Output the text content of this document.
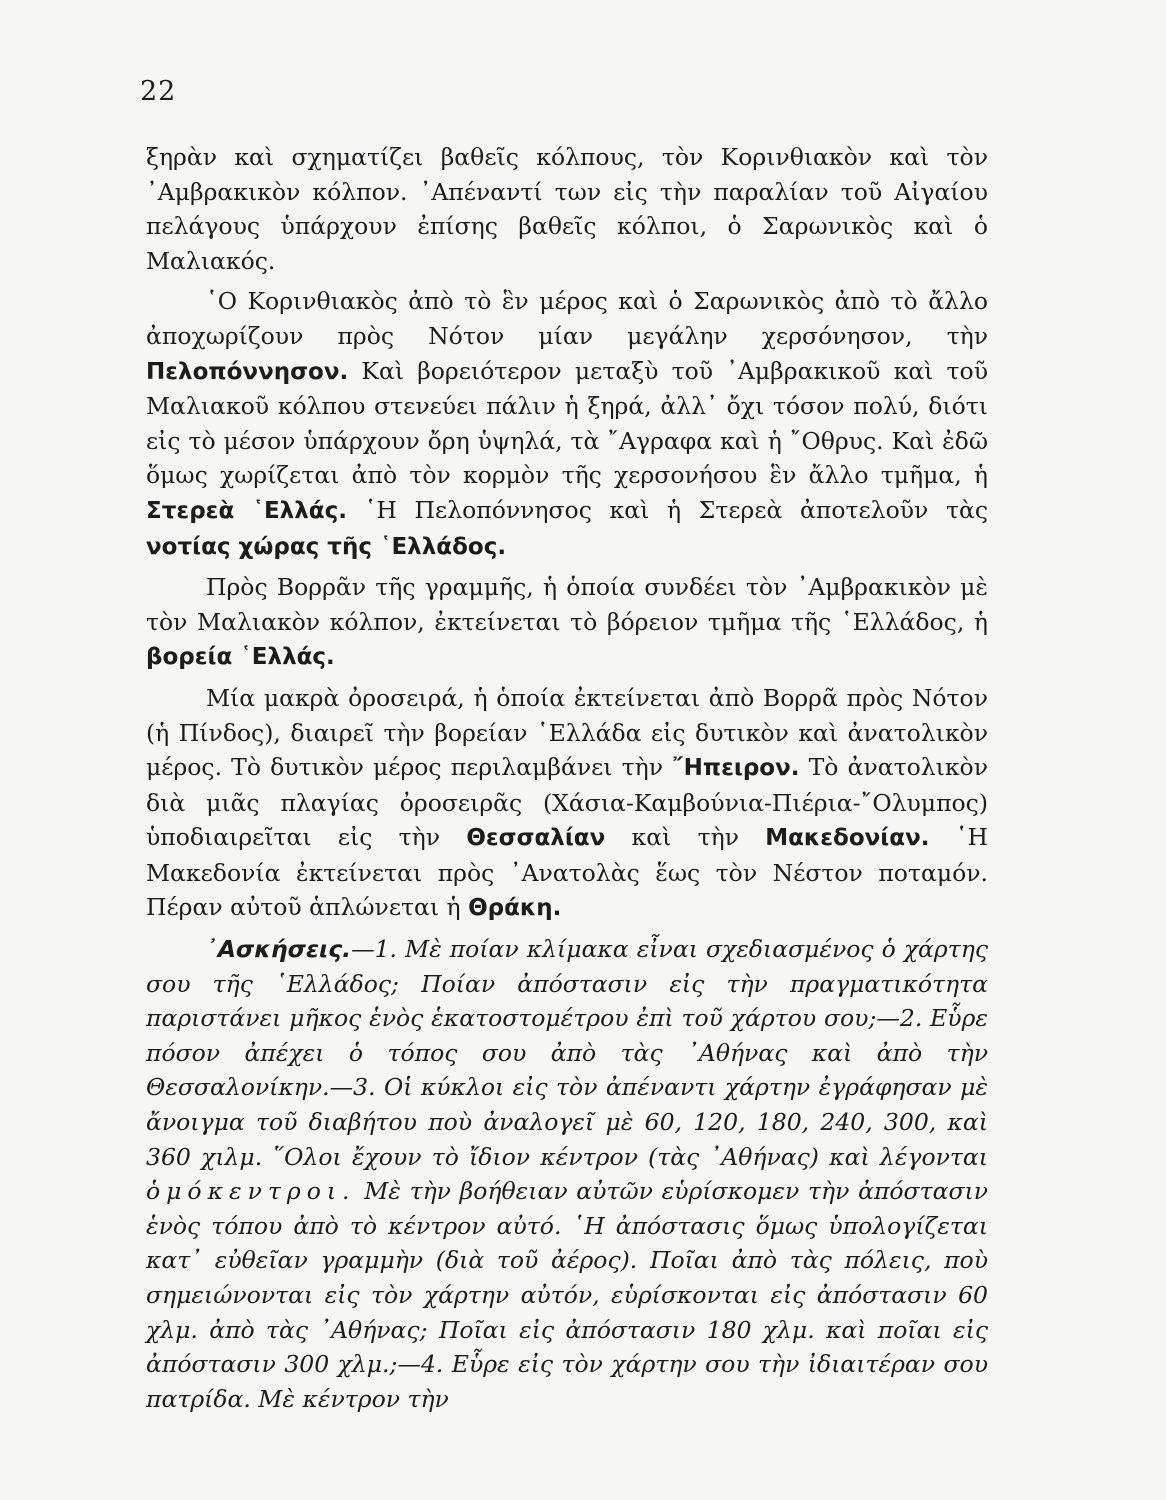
22

ξηρὰν καὶ σχηματίζει βαθεῖς κόλπους, τὸν Κορινθιακὸν καὶ τὸν ᾿Αμβρακικὸν κόλπον. ᾿Απέναντί των εἰς τὴν παραλίαν τοῦ Αἰγαίου πελάγους ὑπάρχουν ἐπίσης βαθεῖς κόλποι, ὁ Σαρωνικὸς καὶ ὁ Μαλιακός.

῾Ο Κορινθιακὸς ἀπὸ τὸ ἓν μέρος καὶ ὁ Σαρωνικὸς ἀπὸ τὸ ἄλλο ἀποχωρίζουν πρὸς Νότον μίαν μεγάλην χερσόνησον, τὴν Πελοπόννησον. Καὶ βορειότερον μεταξὺ τοῦ ᾿Αμβρακικοῦ καὶ τοῦ Μαλιακοῦ κόλπου στενεύει πάλιν ἡ ξηρά, ἀλλ᾿ ὄχι τόσον πολύ, διότι εἰς τὸ μέσον ὑπάρχουν ὄρη ὑψηλά, τὰ ῎Αγραφα καὶ ἡ ῎Οθρυς. Καὶ ἐδῶ ὅμως χωρίζεται ἀπὸ τὸν κορμὸν τῆς χερσονήσου ἓν ἄλλο τμῆμα, ἡ Στερεὰ ῾Ελλάς. ῾Η Πελοπόννησος καὶ ἡ Στερεὰ ἀποτελοῦν τὰς νοτίας χώρας τῆς ῾Ελλάδος.

Πρὸς Βορρᾶν τῆς γραμμῆς, ἡ ὁποία συνδέει τὸν ᾿Αμβρακικὸν μὲ τὸν Μαλιακὸν κόλπον, ἐκτείνεται τὸ βόρειον τμῆμα τῆς ῾Ελλάδος, ἡ βορεία ῾Ελλάς.

Μία μακρὰ ὀροσειρά, ἡ ὁποία ἐκτείνεται ἀπὸ Βορρᾶ πρὸς Νότον (ἡ Πίνδος), διαιρεῖ τὴν βορείαν ῾Ελλάδα εἰς δυτικὸν καὶ ἀνατολικὸν μέρος. Τὸ δυτικὸν μέρος περιλαμβάνει τὴν ῎Ηπειρον. Τὸ ἀνατολικὸν διὰ μιᾶς πλαγίας ὀροσειρᾶς (Χάσια-Καμβούνια-Πιέρια-῎Ολυμπος) ὑποδιαιρεῖται εἰς τὴν Θεσσαλίαν καὶ τὴν Μακεδονίαν. ῾Η Μακεδονία ἐκτείνεται πρὸς ᾿Ανατολὰς ἕως τὸν Νέστον ποταμόν. Πέραν αὐτοῦ ἁπλώνεται ἡ Θράκη.

᾿Ασκήσεις.—1. Μὲ ποίαν κλίμακα εἶναι σχεδιασμένος ὁ χάρτης σου τῆς ῾Ελλάδος; Ποίαν ἀπόστασιν εἰς τὴν πραγματικότητα παριστάνει μῆκος ἑνὸς ἑκατοστομέτρου ἐπὶ τοῦ χάρτου σου;—2. Εὗρε πόσον ἀπέχει ὁ τόπος σου ἀπὸ τὰς ᾿Αθήνας καὶ ἀπὸ τὴν Θεσσαλονίκην.—3. Οἱ κύκλοι εἰς τὸν ἀπέναντι χάρτην ἐγράφησαν μὲ ἄνοιγμα τοῦ διαβήτου ποὺ ἀναλογεῖ μὲ 60, 120, 180, 240, 300, καὶ 360 χιλμ. ῞Ολοι ἔχουν τὸ ἴδιον κέντρον (τὰς ᾿Αθήνας) καὶ λέγονται ὁμόκεντροι. Μὲ τὴν βοήθειαν αὐτῶν εὑρίσκομεν τὴν ἀπόστασιν ἑνὸς τόπου ἀπὸ τὸ κέντρον αὐτό. ῾Η ἀπόστασις ὅμως ὑπολογίζεται κατ᾿ εὐθεῖαν γραμμὴν (διὰ τοῦ ἀέρος). Ποῖαι ἀπὸ τὰς πόλεις, ποὺ σημειώνονται εἰς τὸν χάρτην αὐτόν, εὑρίσκονται εἰς ἀπόστασιν 60 χλμ. ἀπὸ τὰς ᾿Αθήνας; Ποῖαι εἰς ἀπόστασιν 180 χλμ. καὶ ποῖαι εἰς ἀπόστασιν 300 χλμ.;—4. Εὗρε εἰς τὸν χάρτην σου τὴν ἰδιαιτέραν σου πατρίδα. Μὲ κέντρον τὴν
